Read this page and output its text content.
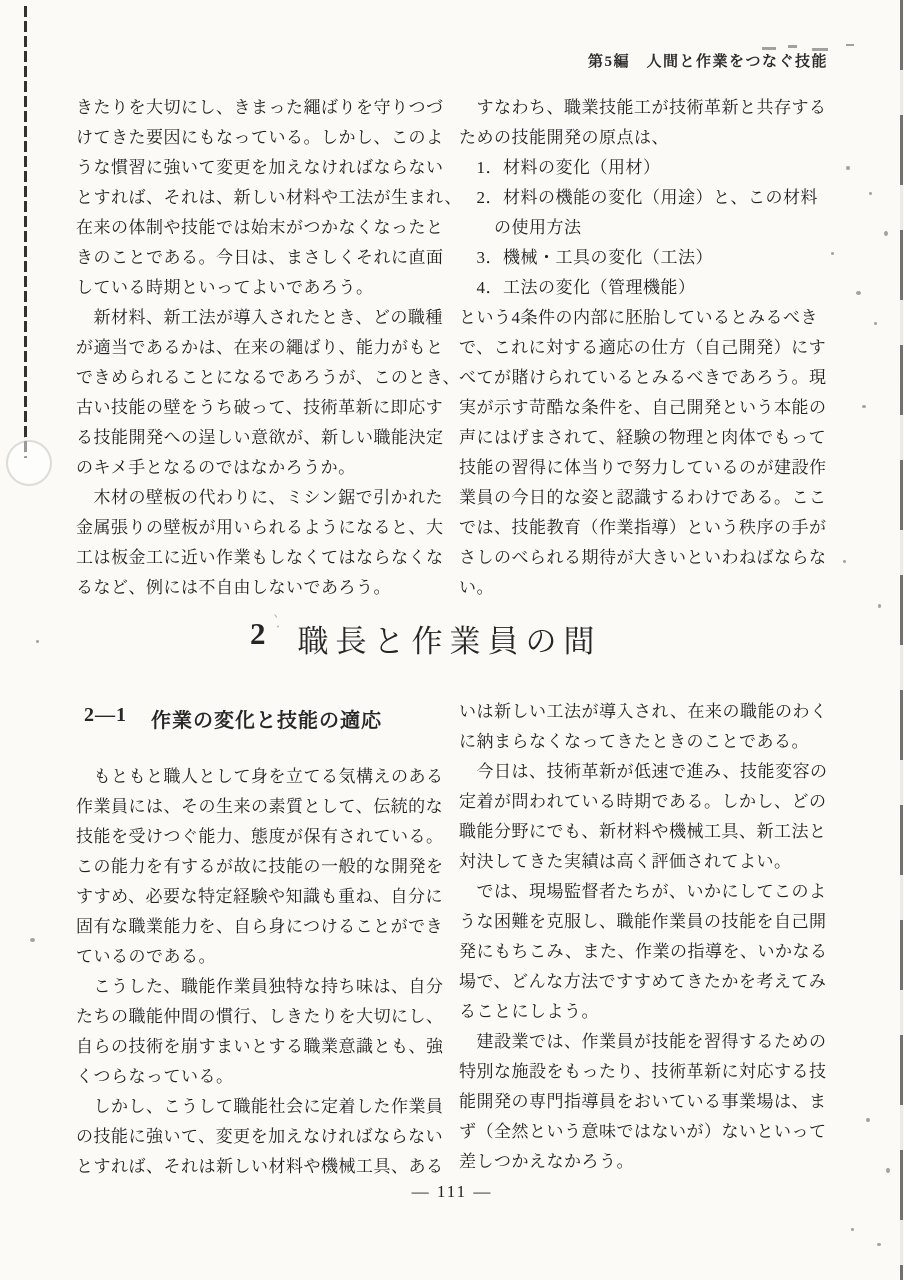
第5編　人間と作業をつなぐ技能
きたりを大切にし、きまった繩ばりを守りつづ
けてきた要因にもなっている。しかし、このよ
うな慣習に強いて変更を加えなければならない
とすれば、それは、新しい材料や工法が生まれ、
在来の体制や技能では始末がつかなくなったと
きのことである。今日は、まさしくそれに直面
している時期といってよいであろう。
　新材料、新工法が導入されたとき、どの職種
が適当であるかは、在来の繩ばり、能力がもと
できめられることになるであろうが、このとき、
古い技能の壁をうち破って、技術革新に即応す
る技能開発への逞しい意欲が、新しい職能決定
のキメ手となるのではなかろうか。
　木材の壁板の代わりに、ミシン鋸で引かれた
金属張りの壁板が用いられるようになると、大
工は板金工に近い作業もしなくてはならなくな
るなど、例には不自由しないであろう。
　すなわち、職業技能工が技術革新と共存する
ための技能開発の原点は、
　1．材料の変化（用材）
　2．材料の機能の変化（用途）と、この材料
　　の使用方法
　3．機械・工具の変化（工法）
　4．工法の変化（管理機能）
という4条件の内部に胚胎しているとみるべき
で、これに対する適応の仕方（自己開発）にす
べてが賭けられているとみるべきであろう。現
実が示す苛酷な条件を、自己開発という本能の
声にはげまされて、経験の物理と肉体でもって
技能の習得に体当りで努力しているのが建設作
業員の今日的な姿と認識するわけである。ここ
では、技能教育（作業指導）という秩序の手が
さしのべられる期待が大きいといわねばならな
い。
2 ヽ゛
職長と作業員の間
2—1 作業の変化と技能の適応
　もともと職人として身を立てる気構えのある
作業員には、その生来の素質として、伝統的な
技能を受けつぐ能力、態度が保有されている。
この能力を有するが故に技能の一般的な開発を
すすめ、必要な特定経験や知識も重ね、自分に
固有な職業能力を、自ら身につけることができ
ているのである。
　こうした、職能作業員独特な持ち味は、自分
たちの職能仲間の慣行、しきたりを大切にし、
自らの技術を崩すまいとする職業意識とも、強
くつらなっている。
　しかし、こうして職能社会に定着した作業員
の技能に強いて、変更を加えなければならない
とすれば、それは新しい材料や機械工具、ある
いは新しい工法が導入され、在来の職能のわく
に納まらなくなってきたときのことである。
　今日は、技術革新が低速で進み、技能変容の
定着が問われている時期である。しかし、どの
職能分野にでも、新材料や機械工具、新工法と
対決してきた実績は高く評価されてよい。
　では、現場監督者たちが、いかにしてこのよ
うな困難を克服し、職能作業員の技能を自己開
発にもちこみ、また、作業の指導を、いかなる
場で、どんな方法ですすめてきたかを考えてみ
ることにしよう。
　建設業では、作業員が技能を習得するための
特別な施設をもったり、技術革新に対応する技
能開発の専門指導員をおいている事業場は、ま
ず（全然という意味ではないが）ないといって
差しつかえなかろう。
— 111 —
